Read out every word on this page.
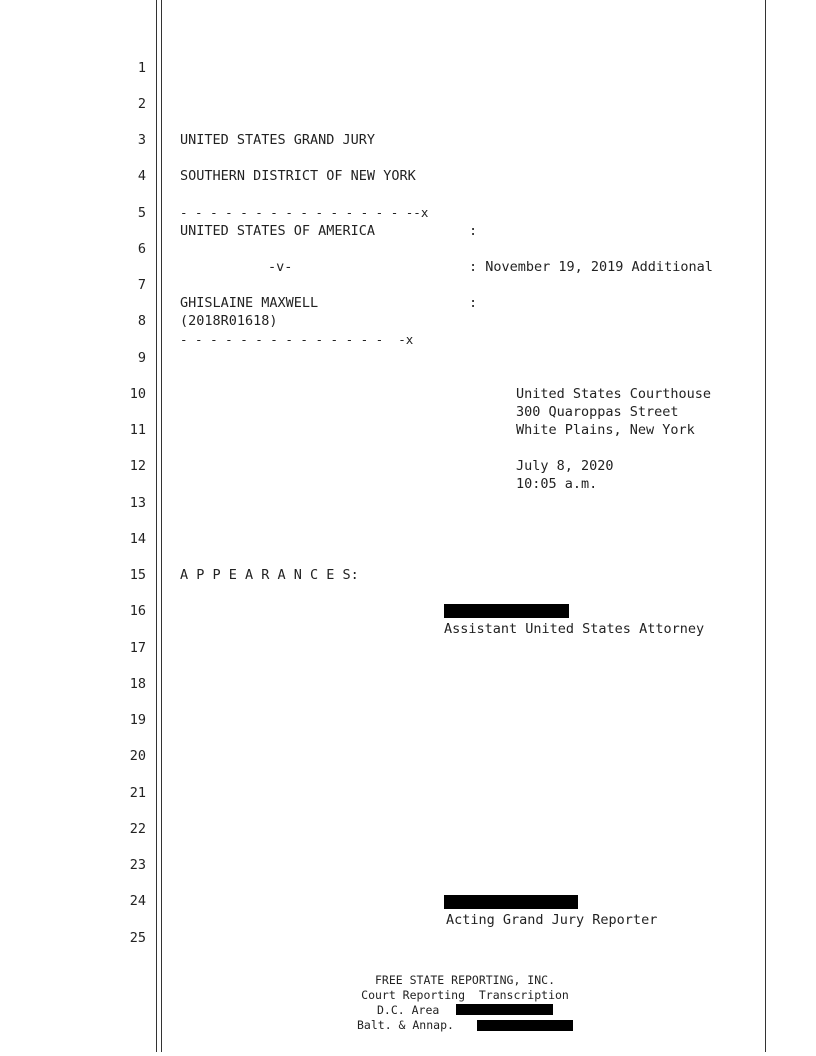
1
2
3
4
5
6
7
8
9
10
11
12
13
14
15
16
17
18
19
20
21
22
23
24
25
UNITED STATES GRAND JURY
SOUTHERN DISTRICT OF NEW YORK
- - - - - - - - - - - - - - - --x
UNITED STATES OF AMERICA	:
-v-	: November 19, 2019 Additional
GHISLAINE MAXWELL	:
(2018R01618)
- - - - - - - - - - - - - -  -x
United States Courthouse
300 Quaroppas Street
White Plains, New York
July 8, 2020
10:05 a.m.
A P P E A R A N C E S:
Assistant United States Attorney
Acting Grand Jury Reporter
FREE STATE REPORTING, INC.
Court Reporting  Transcription
D.C. Area
Balt. & Annap.
